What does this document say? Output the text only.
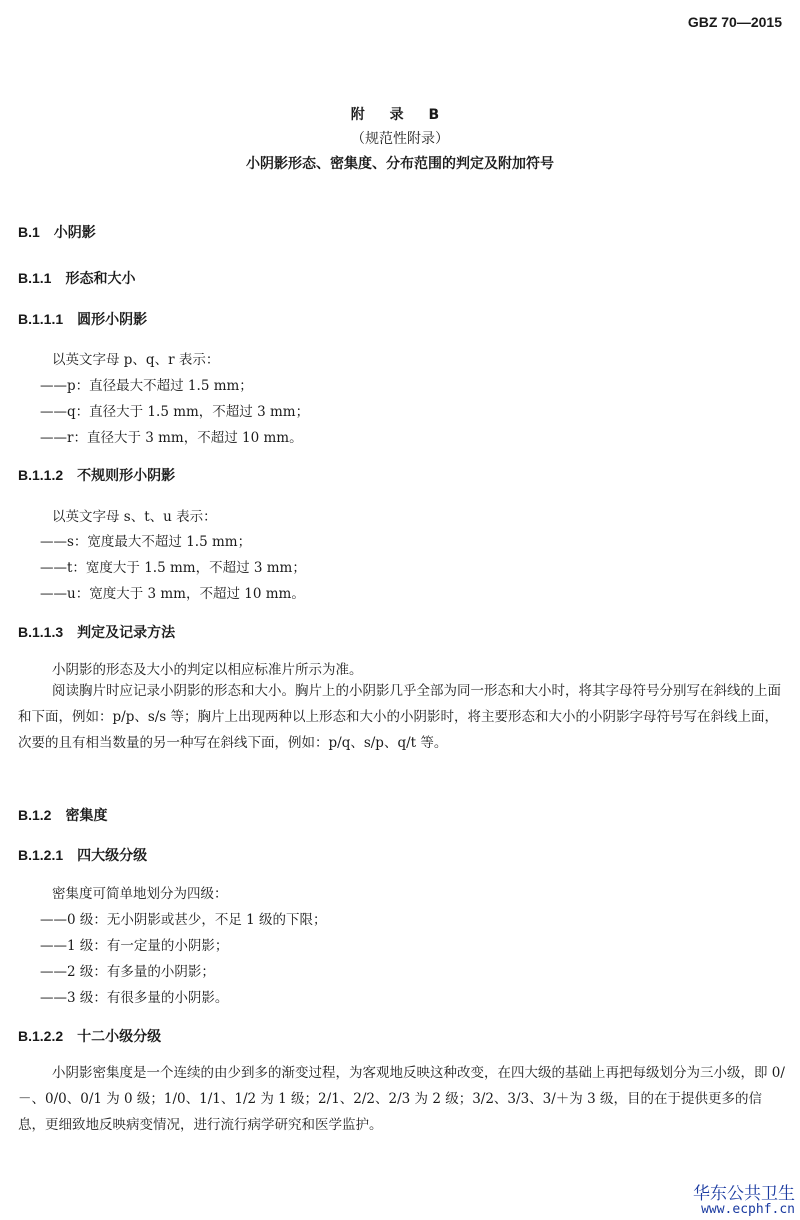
GBZ 70—2015
附 录 B
（规范性附录）
小阴影形态、密集度、分布范围的判定及附加符号
B.1 小阴影
B.1.1 形态和大小
B.1.1.1 圆形小阴影
以英文字母 p、q、r 表示：
——p：直径最大不超过 1.5 mm；
——q：直径大于 1.5 mm，不超过 3 mm；
——r：直径大于 3 mm，不超过 10 mm。
B.1.1.2 不规则形小阴影
以英文字母 s、t、u 表示：
——s：宽度最大不超过 1.5 mm；
——t：宽度大于 1.5 mm，不超过 3 mm；
——u：宽度大于 3 mm，不超过 10 mm。
B.1.1.3 判定及记录方法
小阴影的形态及大小的判定以相应标准片所示为准。
阅读胸片时应记录小阴影的形态和大小。胸片上的小阴影几乎全部为同一形态和大小时，将其字母符号分别写在斜线的上面和下面，例如：p/p、s/s 等；胸片上出现两种以上形态和大小的小阴影时，将主要形态和大小的小阴影字母符号写在斜线上面，次要的且有相当数量的另一种写在斜线下面，例如：p/q、s/p、q/t 等。
B.1.2 密集度
B.1.2.1 四大级分级
密集度可简单地划分为四级：
——0 级：无小阴影或甚少，不足 1 级的下限；
——1 级：有一定量的小阴影；
——2 级：有多量的小阴影；
——3 级：有很多量的小阴影。
B.1.2.2 十二小级分级
小阴影密集度是一个连续的由少到多的渐变过程，为客观地反映这种改变，在四大级的基础上再把每级划分为三小级，即 0/－、0/0、0/1 为 0 级；1/0、1/1、1/2 为 1 级；2/1、2/2、2/3 为 2 级；3/2、3/3、3/＋为 3 级，目的在于提供更多的信息，更细致地反映病变情况，进行流行病学研究和医学监护。
华东公共卫生
www.ecphf.cn
